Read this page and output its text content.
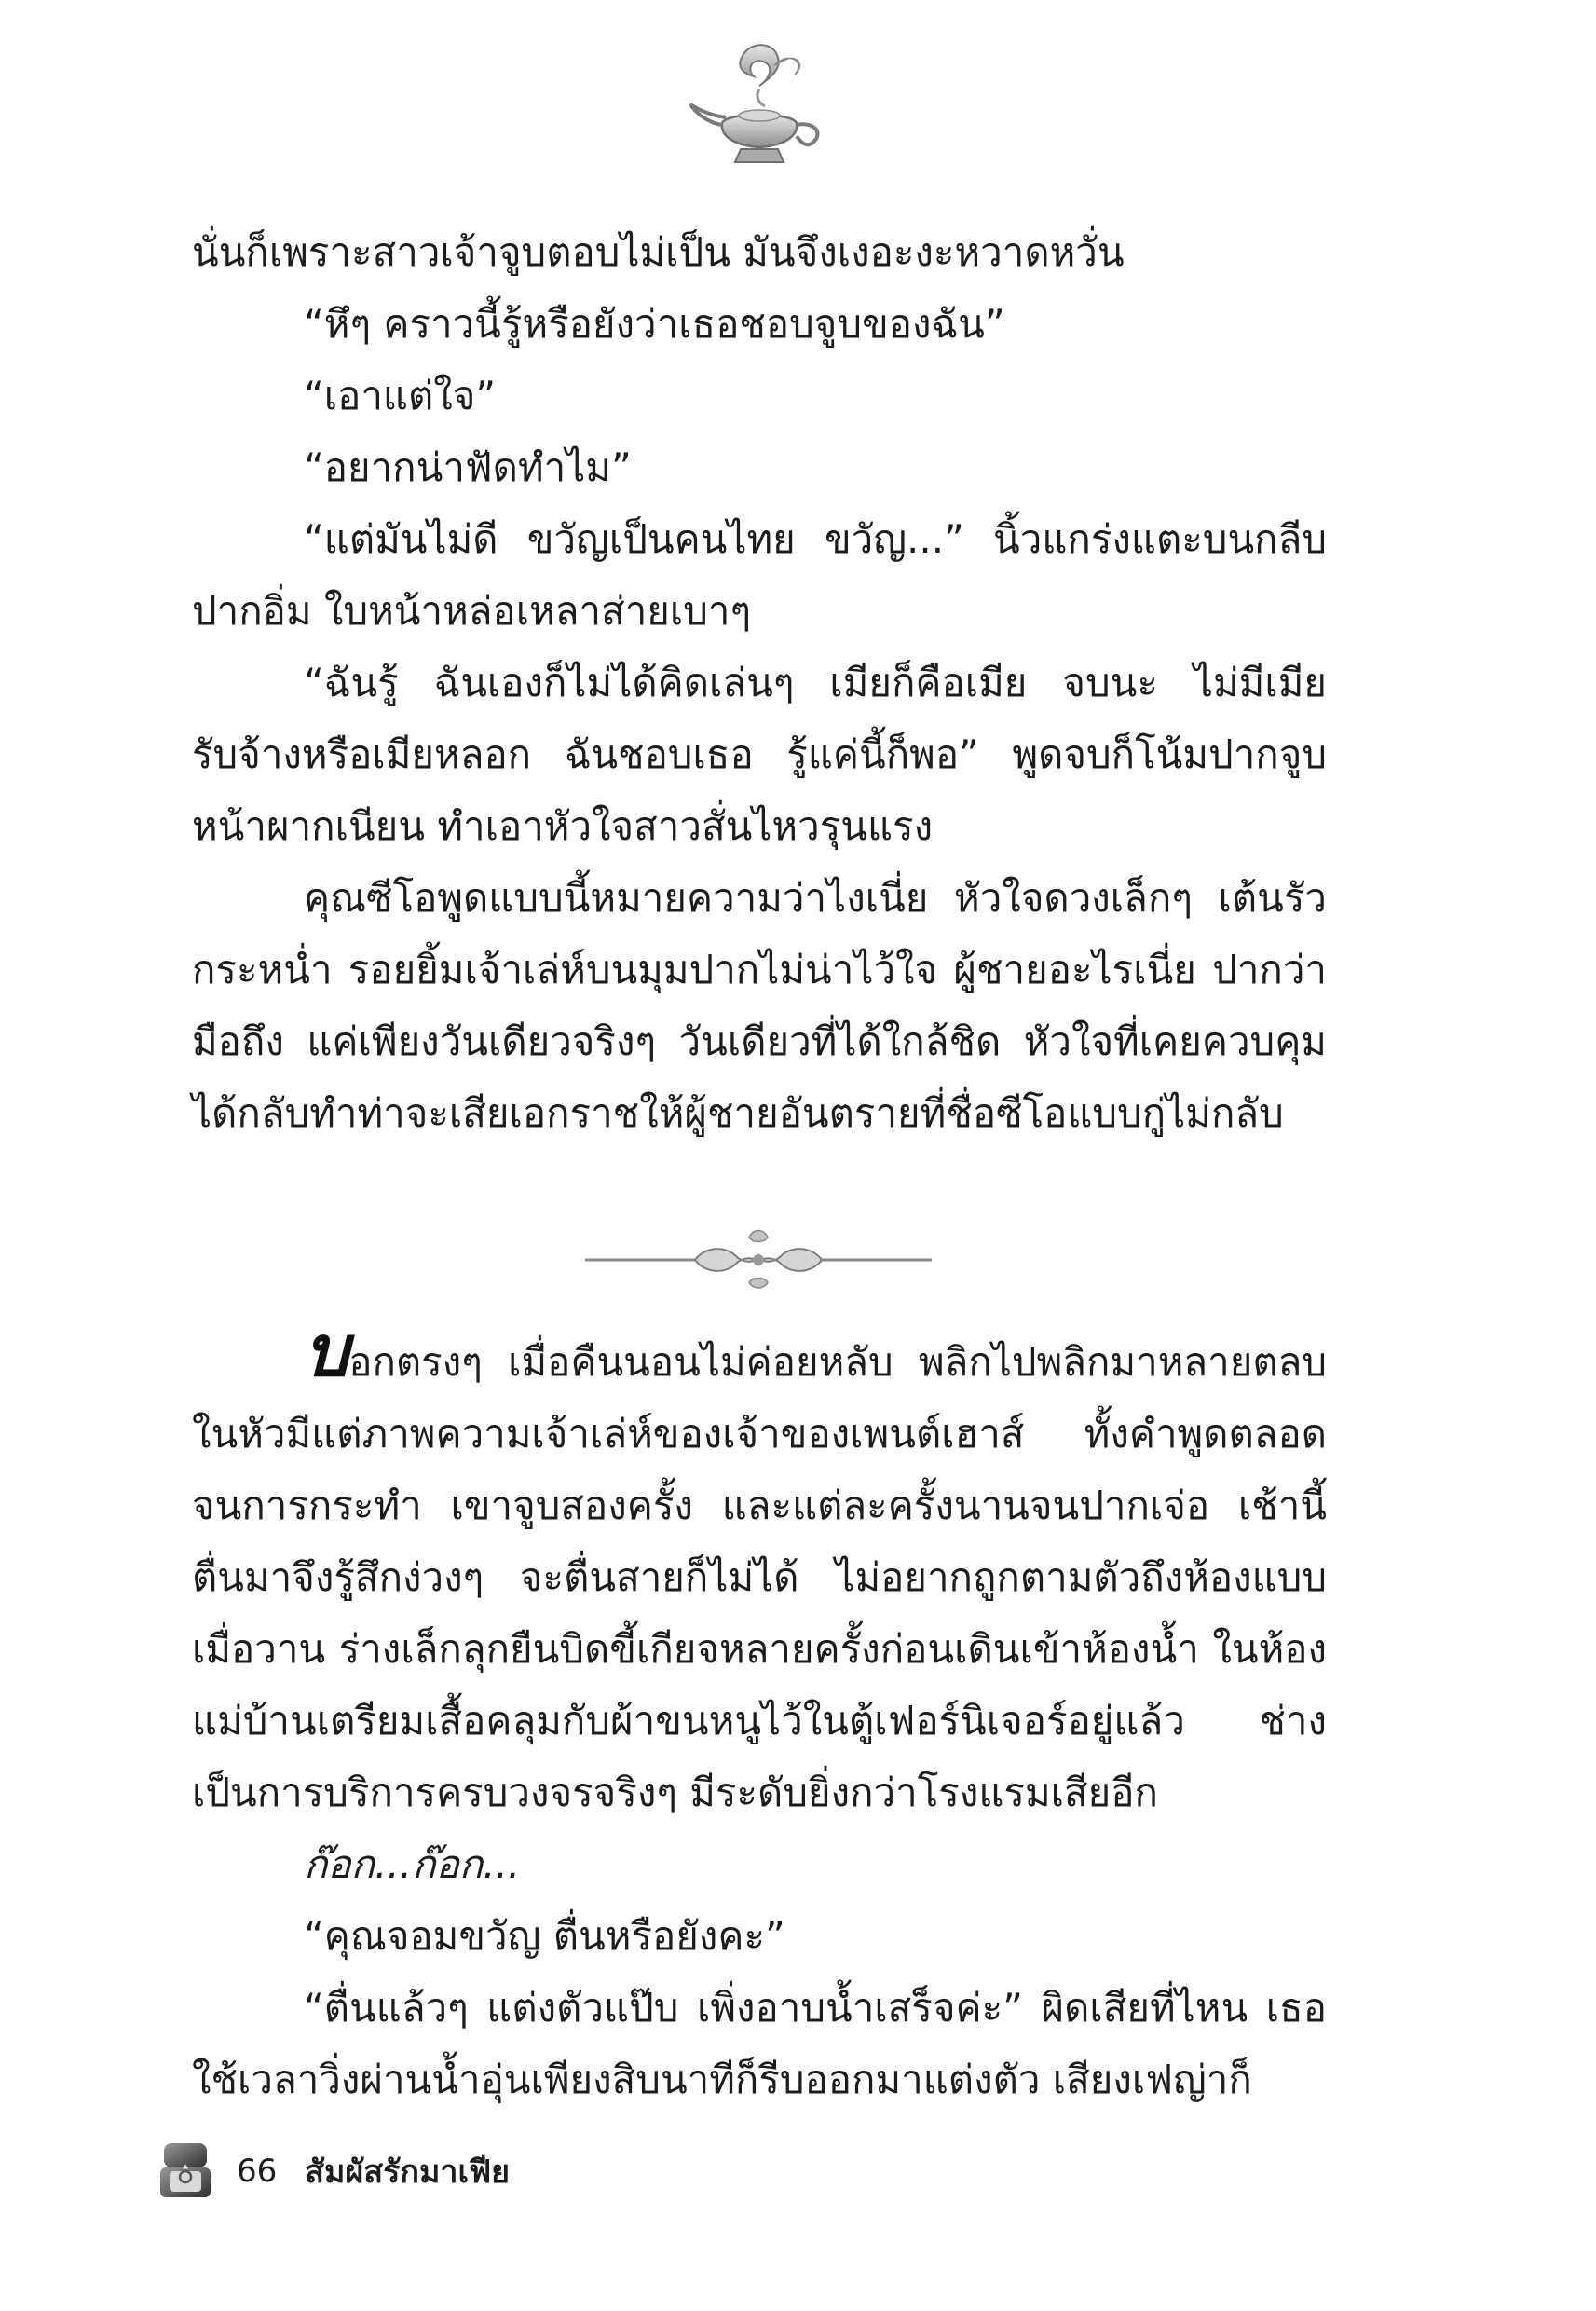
นั่นก็เพราะสาวเจ้าจูบตอบไม่เป็น มันจึงเงอะงะหวาดหวั่น

“หึๆ คราวนี้รู้หรือยังว่าเธอชอบจูบของฉัน”

“เอาแต่ใจ”

“อยากน่าฟัดทำไม”

“แต่มันไม่ดี ขวัญเป็นคนไทย ขวัญ...” นิ้วแกร่งแตะบนกลีบปากอิ่ม ใบหน้าหล่อเหลาส่ายเบาๆ

“ฉันรู้ ฉันเองก็ไม่ได้คิดเล่นๆ เมียก็คือเมีย จบนะ ไม่มีเมียรับจ้างหรือเมียหลอก ฉันชอบเธอ รู้แค่นี้ก็พอ” พูดจบก็โน้มปากจูบหน้าผากเนียน ทำเอาหัวใจสาวสั่นไหวรุนแรง

คุณซีโอพูดแบบนี้หมายความว่าไงเนี่ย หัวใจดวงเล็กๆ เต้นรัวกระหน่ำ รอยยิ้มเจ้าเล่ห์บนมุมปากไม่น่าไว้ใจ ผู้ชายอะไรเนี่ย ปากว่ามือถึง แค่เพียงวันเดียวจริงๆ วันเดียวที่ได้ใกล้ชิด หัวใจที่เคยควบคุมได้กลับทำท่าจะเสียเอกราชให้ผู้ชายอันตรายที่ชื่อซีโอแบบกู่ไม่กลับ

บอกตรงๆ เมื่อคืนนอนไม่ค่อยหลับ พลิกไปพลิกมาหลายตลบ ในหัวมีแต่ภาพความเจ้าเล่ห์ของเจ้าของเพนต์เฮาส์ ทั้งคำพูดตลอดจนการกระทำ เขาจูบสองครั้ง และแต่ละครั้งนานจนปากเจ่อ เช้านี้ตื่นมาจึงรู้สึกง่วงๆ จะตื่นสายก็ไม่ได้ ไม่อยากถูกตามตัวถึงห้องแบบเมื่อวาน ร่างเล็กลุกยืนบิดขี้เกียจหลายครั้งก่อนเดินเข้าห้องน้ำ ในห้องแม่บ้านเตรียมเสื้อคลุมกับผ้าขนหนูไว้ในตู้เฟอร์นิเจอร์อยู่แล้ว ช่างเป็นการบริการครบวงจรจริงๆ มีระดับยิ่งกว่าโรงแรมเสียอีก

ก๊อก...ก๊อก...

“คุณจอมขวัญ ตื่นหรือยังคะ”

“ตื่นแล้วๆ แต่งตัวแป๊บ เพิ่งอาบน้ำเสร็จค่ะ” ผิดเสียที่ไหน เธอใช้เวลาวิ่งผ่านน้ำอุ่นเพียงสิบนาทีก็รีบออกมาแต่งตัว เสียงเฟญ่าก็

66 สัมผัสรักมาเฟีย
